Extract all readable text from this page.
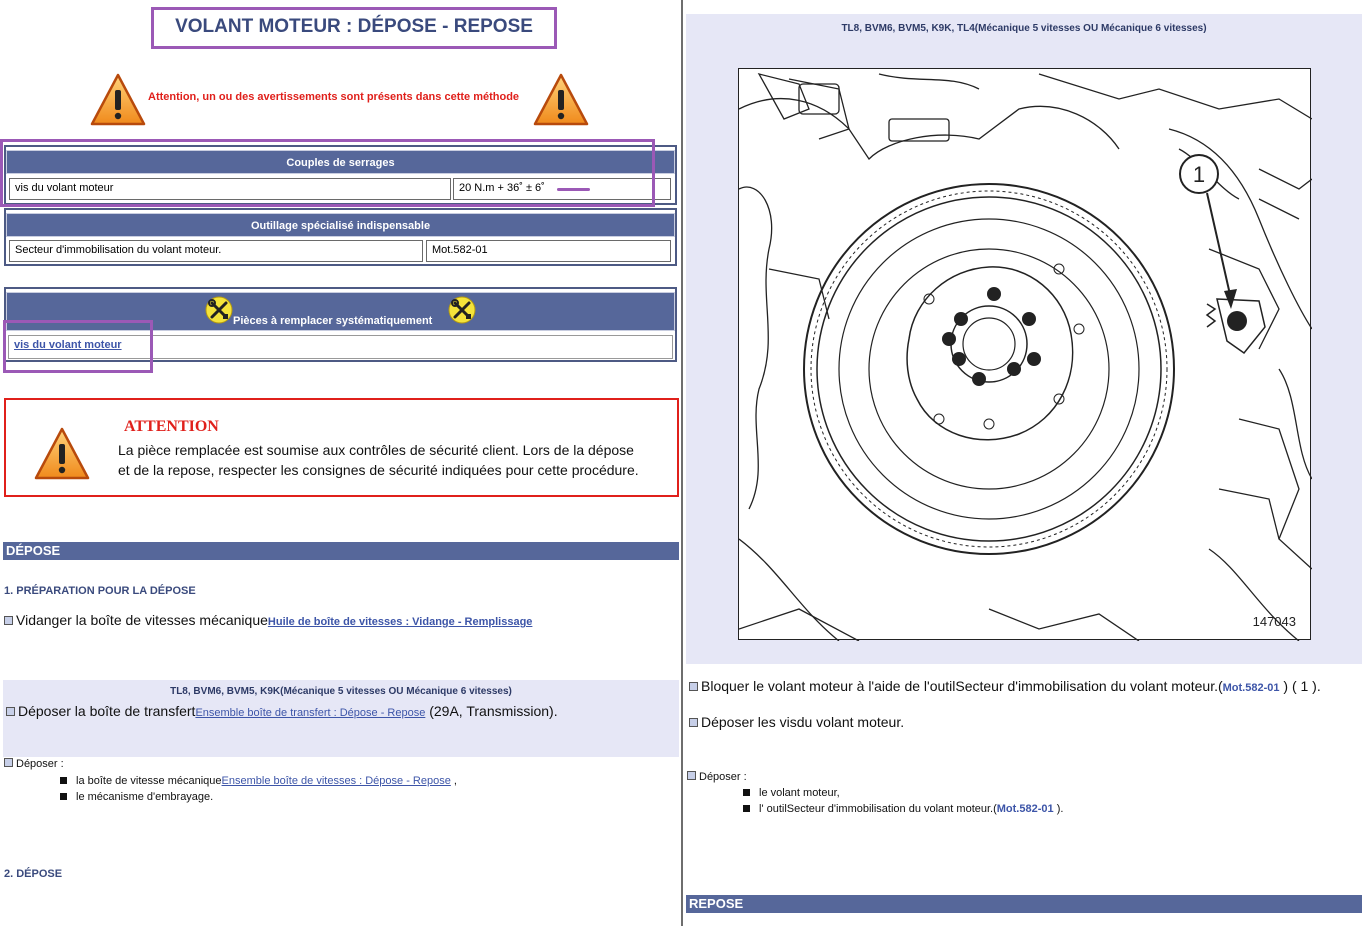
VOLANT MOTEUR : DÉPOSE - REPOSE
Attention, un ou des avertissements sont présents dans cette méthode
Couples de serrages
vis du volant moteur	20 N.m + 36˚ ± 6˚
Outillage spécialisé indispensable
Secteur d'immobilisation du volant moteur.	Mot.582-01
Pièces à remplacer systématiquement
vis du volant moteur
ATTENTION
La pièce remplacée est soumise aux contrôles de sécurité client. Lors de la dépose
et de la repose, respecter les consignes de sécurité indiquées pour cette procédure.
DÉPOSE
1. PRÉPARATION POUR LA DÉPOSE
Vidanger la boîte de vitesses mécaniqueHuile de boîte de vitesses : Vidange - Remplissage
TL8, BVM6, BVM5, K9K(Mécanique 5 vitesses OU Mécanique 6 vitesses)
Déposer la boîte de transfertEnsemble boîte de transfert : Dépose - Repose (29A, Transmission).
Déposer :
la boîte de vitesse mécaniqueEnsemble boîte de vitesses : Dépose - Repose ,
le mécanisme d'embrayage.
2. DÉPOSE
TL8, BVM6, BVM5, K9K, TL4(Mécanique 5 vitesses OU Mécanique 6 vitesses)
1
147043
Bloquer le volant moteur à l'aide de l'outilSecteur d'immobilisation du volant moteur.(Mot.582-01 ) ( 1 ).
Déposer les visdu volant moteur.
Déposer :
le volant moteur,
l' outilSecteur d'immobilisation du volant moteur.(Mot.582-01 ).
REPOSE
